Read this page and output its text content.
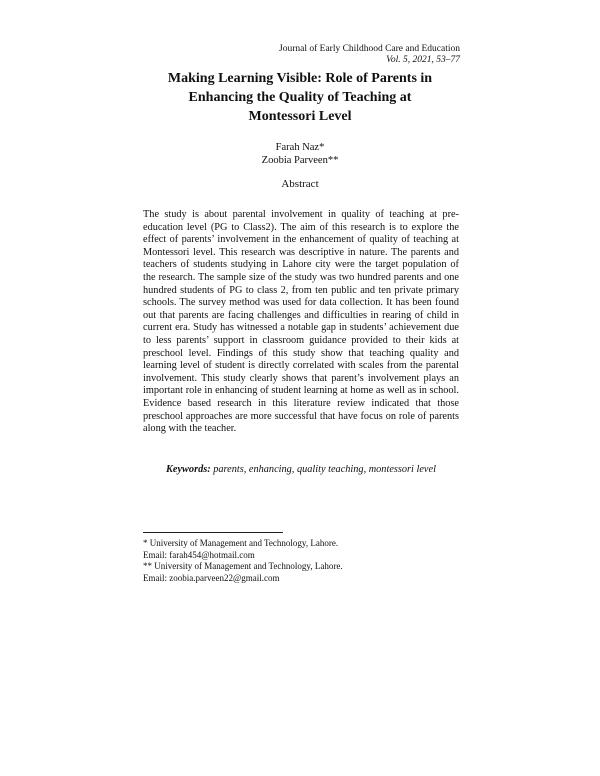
Journal of Early Childhood Care and Education
Vol. 5, 2021, 53–77
Making Learning Visible: Role of Parents in
Enhancing the Quality of Teaching at
Montessori Level
Farah Naz*
Zoobia Parveen**
Abstract

The study is about parental involvement in quality of teaching at pre-education level (PG to Class2). The aim of this research is to explore the effect of parents’ involvement in the enhancement of quality of teaching at Montessori level. This research was descriptive in nature. The parents and teachers of students studying in Lahore city were the target population of the research. The sample size of the study was two hundred parents and one hundred students of PG to class 2, from ten public and ten private primary schools. The survey method was used for data collection. It has been found out that parents are facing challenges and difficulties in rearing of child in current era. Study has witnessed a notable gap in students’ achievement due to less parents’ support in classroom guidance provided to their kids at preschool level. Findings of this study show that teaching quality and learning level of student is directly correlated with scales from the parental involvement. This study clearly shows that parent’s involvement plays an important role in enhancing of student learning at home as well as in school. Evidence based research in this literature review indicated that those preschool approaches are more successful that have focus on role of parents along with the teacher.

Keywords: parents, enhancing, quality teaching, montessori level
* University of Management and Technology, Lahore.
Email: farah454@hotmail.com
** University of Management and Technology, Lahore.
Email: zoobia.parveen22@gmail.com
